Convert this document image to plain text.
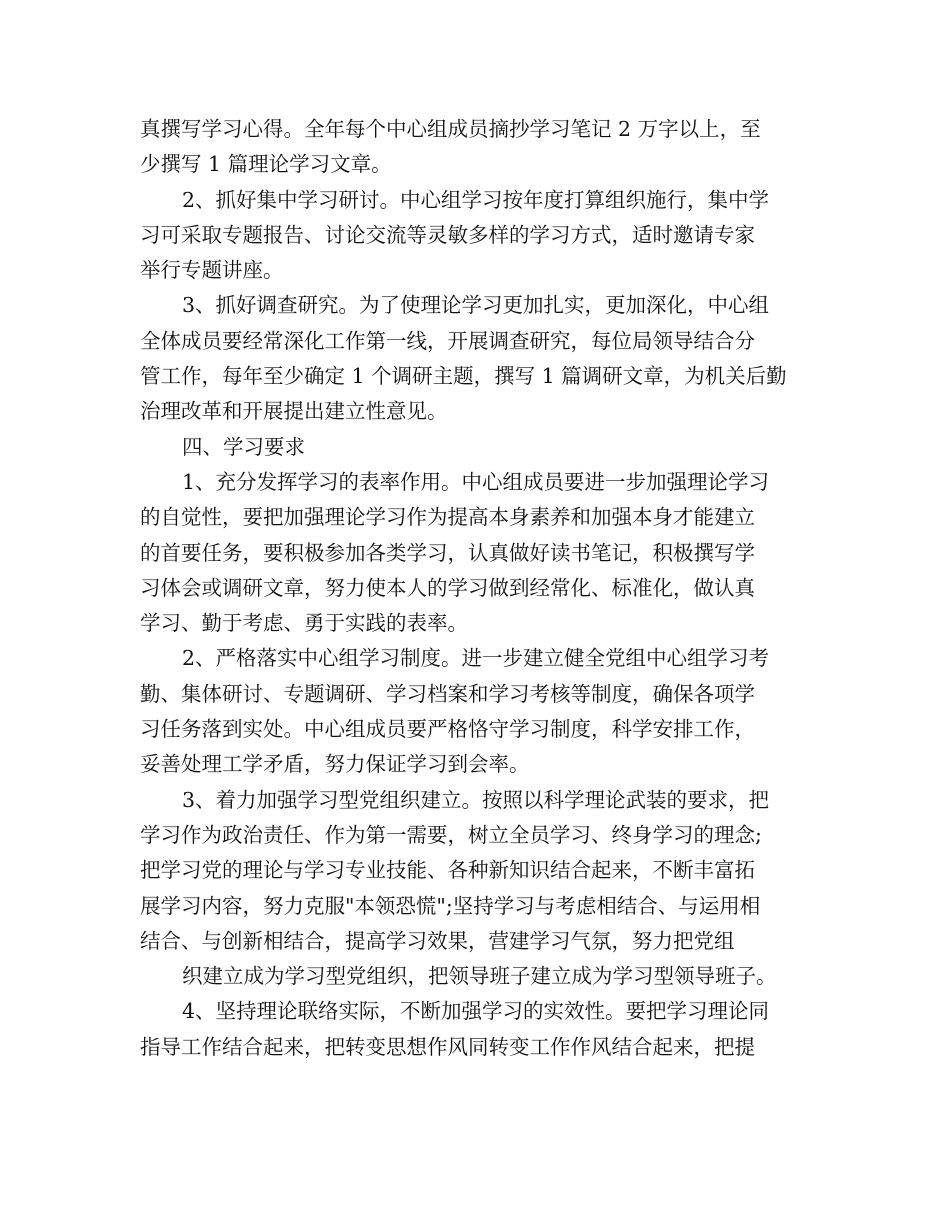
真撰写学习心得。全年每个中心组成员摘抄学习笔记 2 万字以上，至
少撰写 1 篇理论学习文章。
2、抓好集中学习研讨。中心组学习按年度打算组织施行，集中学
习可采取专题报告、讨论交流等灵敏多样的学习方式，适时邀请专家
举行专题讲座。
3、抓好调查研究。为了使理论学习更加扎实，更加深化，中心组
全体成员要经常深化工作第一线，开展调查研究，每位局领导结合分
管工作，每年至少确定 1 个调研主题，撰写 1 篇调研文章，为机关后勤
治理改革和开展提出建立性意见。
四、学习要求
1、充分发挥学习的表率作用。中心组成员要进一步加强理论学习
的自觉性，要把加强理论学习作为提高本身素养和加强本身才能建立
的首要任务，要积极参加各类学习，认真做好读书笔记，积极撰写学
习体会或调研文章，努力使本人的学习做到经常化、标准化，做认真
学习、勤于考虑、勇于实践的表率。
2、严格落实中心组学习制度。进一步建立健全党组中心组学习考
勤、集体研讨、专题调研、学习档案和学习考核等制度，确保各项学
习任务落到实处。中心组成员要严格恪守学习制度，科学安排工作，
妥善处理工学矛盾，努力保证学习到会率。
3、着力加强学习型党组织建立。按照以科学理论武装的要求，把
学习作为政治责任、作为第一需要，树立全员学习、终身学习的理念;
把学习党的理论与学习专业技能、各种新知识结合起来，不断丰富拓
展学习内容，努力克服"本领恐慌";坚持学习与考虑相结合、与运用相
结合、与创新相结合，提高学习效果，营建学习气氛，努力把党组
织建立成为学习型党组织，把领导班子建立成为学习型领导班子。
4、坚持理论联络实际，不断加强学习的实效性。要把学习理论同
指导工作结合起来，把转变思想作风同转变工作作风结合起来，把提
